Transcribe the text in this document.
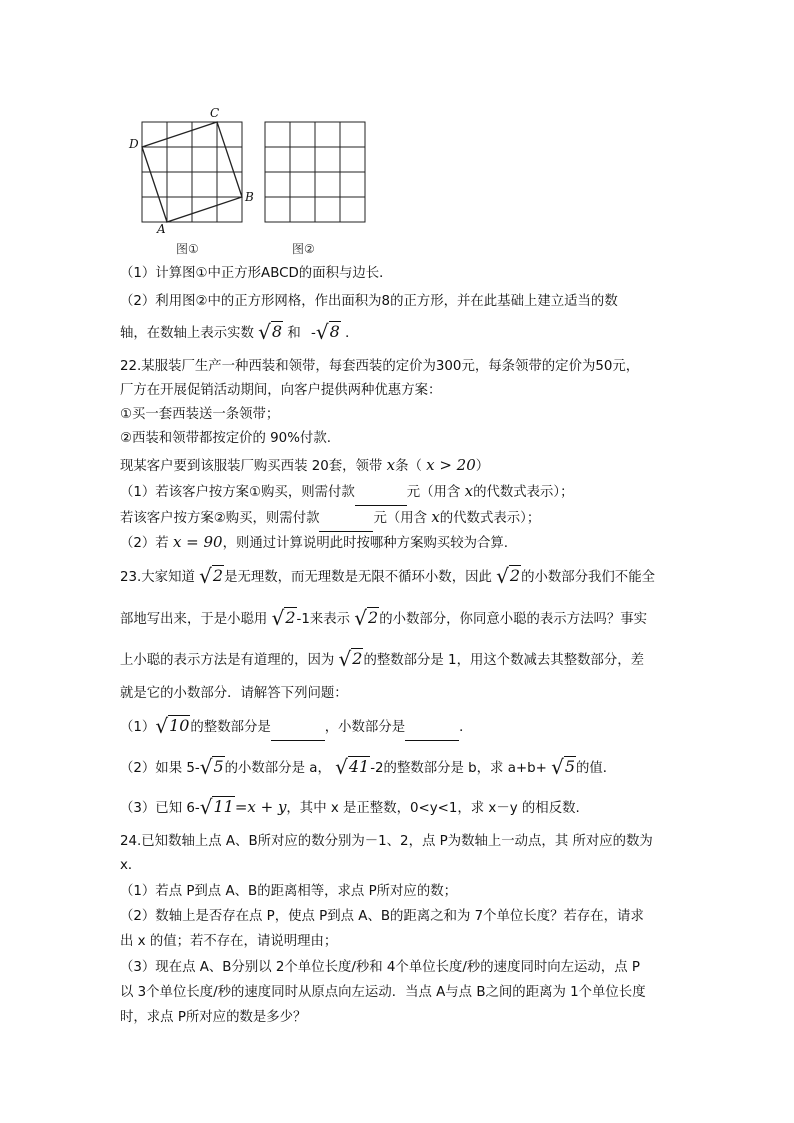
C
D
B
A
图①	图②
（1）计算图①中正方形ABCD的面积与边长．
（2）利用图②中的正方形网格，作出面积为8的正方形，并在此基础上建立适当的数
轴，在数轴上表示实数 √8 和 -√8 ．
22.某服装厂生产一种西装和领带，每套西装的定价为300元，每条领带的定价为50元，
厂方在开展促销活动期间，向客户提供两种优惠方案：
①买一套西装送一条领带；
②西装和领带都按定价的 90%付款.
现某客户要到该服装厂购买西装 20套，领带 x条（ x > 20）
（1）若该客户按方案①购买，则需付款	元（用含 x的代数式表示）；
若该客户按方案②购买，则需付款	元（用含 x的代数式表示）；
（2）若 x = 90，则通过计算说明此时按哪种方案购买较为合算.
23.大家知道 √2是无理数，而无理数是无限不循环小数，因此 √2的小数部分我们不能全
部地写出来，于是小聪用 √2-1来表示 √2的小数部分，你同意小聪的表示方法吗？事实
上小聪的表示方法是有道理的，因为 √2的整数部分是 1，用这个数减去其整数部分，差
就是它的小数部分．请解答下列问题：
（1）√10的整数部分是	，小数部分是	．
（2）如果 5-√5的小数部分是 a， √41-2的整数部分是 b，求 a+b+ √5的值．
（3）已知 6-√11=x + y，其中 x 是正整数，0<y<1，求 x－y 的相反数.
24.已知数轴上点 A、B所对应的数分别为－1、2，点 P为数轴上一动点，其 所对应的数为
x．
（1）若点 P到点 A、B的距离相等，求点 P所对应的数；
（2）数轴上是否存在点 P，使点 P到点 A、B的距离之和为 7个单位长度？若存在，请求
出 x 的值；若不存在，请说明理由；
（3）现在点 A、B分别以 2个单位长度/秒和 4个单位长度/秒的速度同时向左运动，点 P
以 3个单位长度/秒的速度同时从原点向左运动．当点 A与点 B之间的距离为 1个单位长度
时，求点 P所对应的数是多少？
